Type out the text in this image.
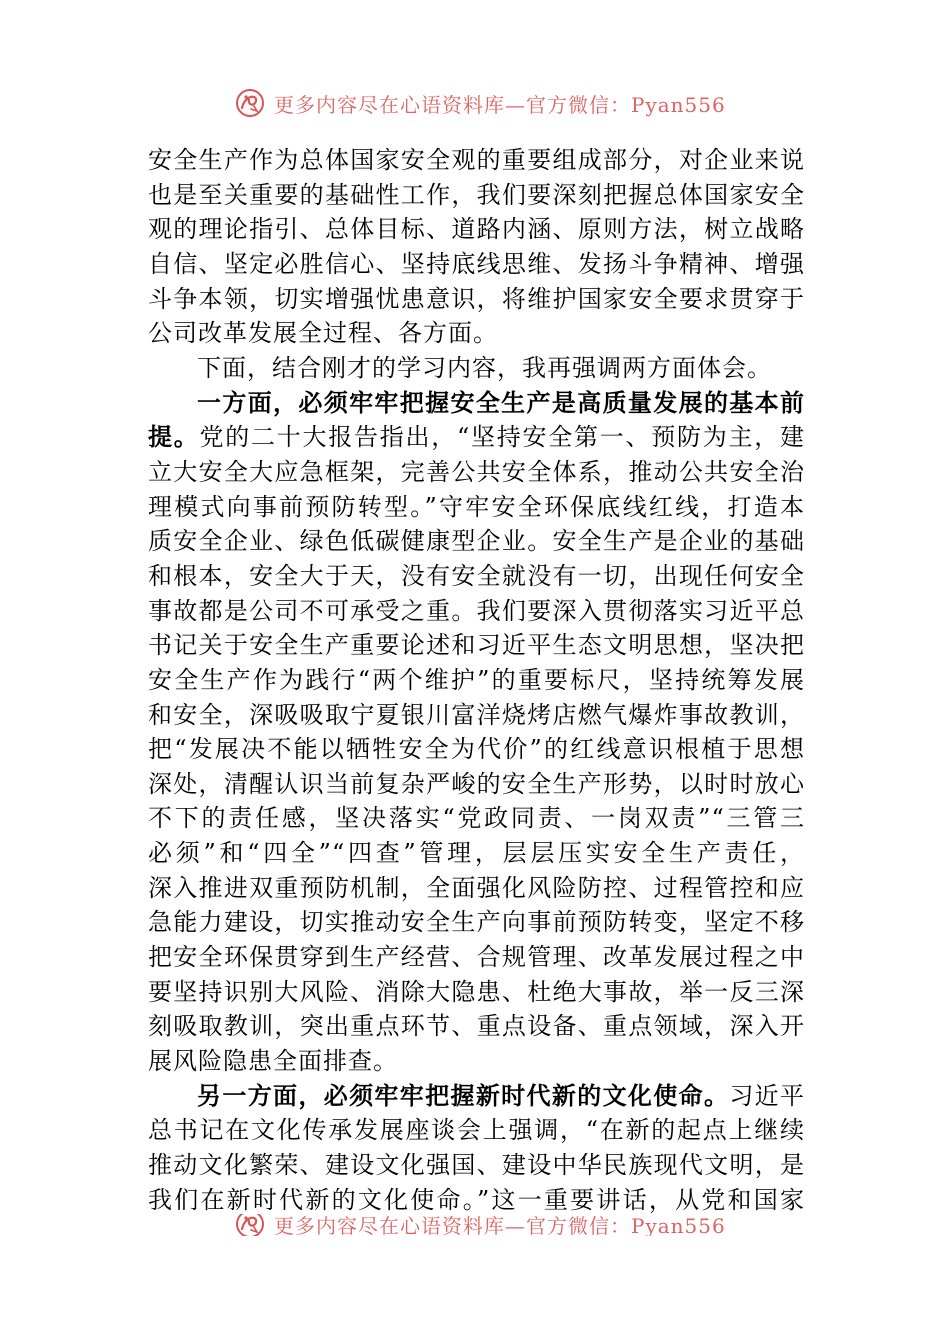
更多内容尽在心语资料库—官方微信：Pyan556
安全生产作为总体国家安全观的重要组成部分，对企业来说
也是至关重要的基础性工作，我们要深刻把握总体国家安全
观的理论指引、总体目标、道路内涵、原则方法，树立战略
自信、坚定必胜信心、坚持底线思维、发扬斗争精神、增强
斗争本领，切实增强忧患意识，将维护国家安全要求贯穿于
公司改革发展全过程、各方面。
下面，结合刚才的学习内容，我再强调两方面体会。
一方面，必须牢牢把握安全生产是高质量发展的基本前
提。党的二十大报告指出，“坚持安全第一、预防为主，建
立大安全大应急框架，完善公共安全体系，推动公共安全治
理模式向事前预防转型。”守牢安全环保底线红线，打造本
质安全企业、绿色低碳健康型企业。安全生产是企业的基础
和根本，安全大于天，没有安全就没有一切，出现任何安全
事故都是公司不可承受之重。我们要深入贯彻落实习近平总
书记关于安全生产重要论述和习近平生态文明思想，坚决把
安全生产作为践行“两个维护”的重要标尺，坚持统筹发展
和安全，深吸吸取宁夏银川富洋烧烤店燃气爆炸事故教训，
把“发展决不能以牺牲安全为代价”的红线意识根植于思想
深处，清醒认识当前复杂严峻的安全生产形势，以时时放心
不下的责任感，坚决落实“党政同责、一岗双责”“三管三
必须”和“四全”“四查”管理，层层压实安全生产责任，
深入推进双重预防机制，全面强化风险防控、过程管控和应
急能力建设，切实推动安全生产向事前预防转变，坚定不移
把安全环保贯穿到生产经营、合规管理、改革发展过程之中
要坚持识别大风险、消除大隐患、杜绝大事故，举一反三深
刻吸取教训，突出重点环节、重点设备、重点领域，深入开
展风险隐患全面排查。
另一方面，必须牢牢把握新时代新的文化使命。习近平
总书记在文化传承发展座谈会上强调，“在新的起点上继续
推动文化繁荣、建设文化强国、建设中华民族现代文明，是
我们在新时代新的文化使命。”这一重要讲话，从党和国家
更多内容尽在心语资料库—官方微信：Pyan556
